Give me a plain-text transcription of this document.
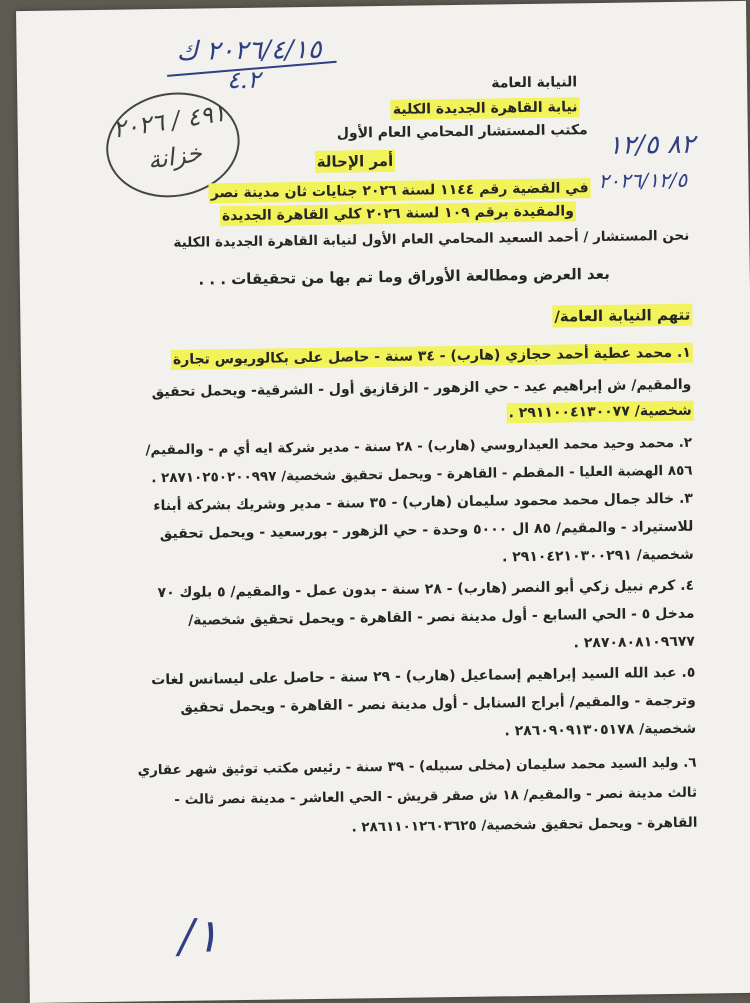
٢٠٢٦/٤/١٥ ك
٤.٢
٤٩١ / ٢٠٢٦
خزانة
النيابة العامة
نيابة القاهرة الجديدة الكلية
مكتب المستشار المحامي العام الأول
أمر الإحالة
٨٢ ١٢/٥
٢٠٢٦/١٢/٥
في القضية رقم ١١٤٤ لسنة ٢٠٢٦ جنايات ثان مدينة نصر
والمقيدة برقم ١٠٩ لسنة ٢٠٢٦ كلي القاهرة الجديدة
نحن المستشار / أحمد السعيد المحامي العام الأول لنيابة القاهرة الجديدة الكلية
بعد العرض ومطالعة الأوراق وما تم بها من تحقيقات . . .
تتهم النيابة العامة/
١. محمد عطية أحمد حجازي (هارب) - ٣٤ سنة - حاصل على بكالوريوس تجارة
والمقيم/ ش إبراهيم عيد - حي الزهور - الزقازيق أول - الشرقية- ويحمل تحقيق
شخصية/ ٢٩١١٠٠٤١٣٠٠٧٧ .
٢. محمد وحيد محمد العيداروسي (هارب) - ٢٨ سنة - مدير شركة ايه أي م - والمقيم/
٨٥٦ الهضبة العليا - المقطم - القاهرة - ويحمل تحقيق شخصية/ ٢٨٧١٠٢٥٠٢٠٠٩٩٧ .
٣. خالد جمال محمد محمود سليمان (هارب) - ٣٥ سنة - مدير وشريك بشركة أبناء
للاستيراد - والمقيم/ ٨٥ ال ٥٠٠٠ وحدة - حي الزهور - بورسعيد - ويحمل تحقيق
شخصية/ ٢٩١٠٤٢١٠٣٠٠٢٩١ .
٤. كرم نبيل زكي أبو النصر (هارب) - ٢٨ سنة - بدون عمل - والمقيم/ ٥ بلوك ٧٠
مدخل ٥ - الحي السابع - أول مدينة نصر - القاهرة - ويحمل تحقيق شخصية/
٢٨٧٠٨٠٨١٠٩٦٧٧ .
٥. عبد الله السيد إبراهيم إسماعيل (هارب) - ٢٩ سنة - حاصل على ليسانس لغات
وترجمة - والمقيم/ أبراج السنابل - أول مدينة نصر - القاهرة - ويحمل تحقيق
شخصية/ ٢٨٦٠٩٠٩١٣٠٥١٧٨ .
٦. وليد السيد محمد سليمان (مخلى سبيله) - ٣٩ سنة - رئيس مكتب توثيق شهر عقاري
ثالث مدينة نصر - والمقيم/ ١٨ ش صقر قريش - الحي العاشر - مدينة نصر ثالث -
القاهرة - ويحمل تحقيق شخصية/ ٢٨٦١١٠١٢٦٠٣٦٢٥ .
١/
